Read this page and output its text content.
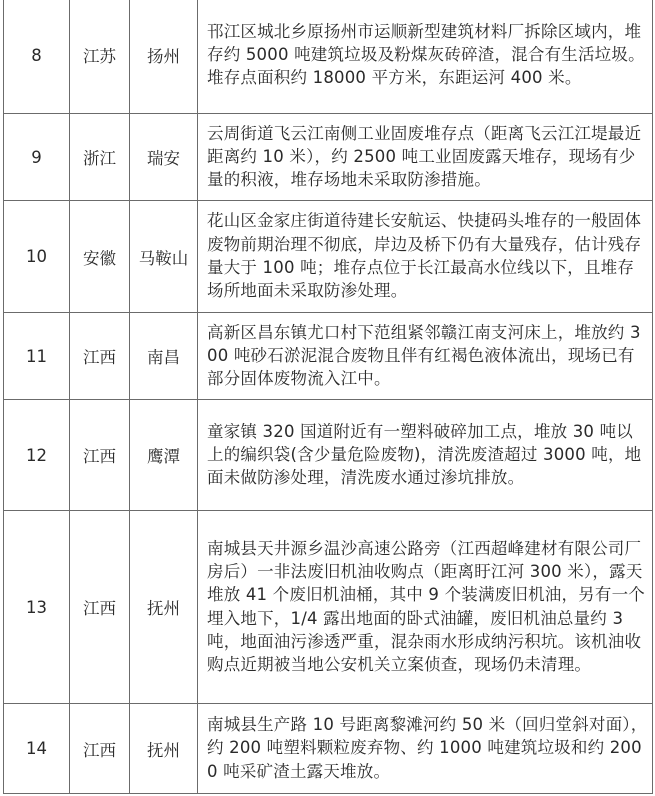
8	江苏	扬州	邗江区城北乡原扬州市运顺新型建筑材料厂拆除区域内，堆存约 5000 吨建筑垃圾及粉煤灰砖碎渣，混合有生活垃圾。堆存点面积约 18000 平方米，东距运河 400 米。

9	浙江	瑞安	云周街道飞云江南侧工业固废堆存点（距离飞云江江堤最近距离约 10 米），约 2500 吨工业固废露天堆存，现场有少量的积液，堆存场地未采取防渗措施。

10	安徽	马鞍山	花山区金家庄街道待建长安航运、快捷码头堆存的一般固体废物前期治理不彻底，岸边及桥下仍有大量残存，估计残存量大于 100 吨；堆存点位于长江最高水位线以下，且堆存场所地面未采取防渗处理。

11	江西	南昌	高新区昌东镇尤口村下范组紧邻赣江南支河床上，堆放约 300 吨砂石淤泥混合废物且伴有红褐色液体流出，现场已有部分固体废物流入江中。

12	江西	鹰潭	童家镇 320 国道附近有一塑料破碎加工点，堆放 30 吨以上的编织袋(含少量危险废物)，清洗废渣超过 3000 吨，地面未做防渗处理，清洗废水通过渗坑排放。

13	江西	抚州	南城县天井源乡温沙高速公路旁（江西超峰建材有限公司厂房后）一非法废旧机油收购点（距离盱江河 300 米），露天堆放 41 个废旧机油桶，其中 9 个装满废旧机油，另有一个埋入地下，1/4 露出地面的卧式油罐，废旧机油总量约 3 吨，地面油污渗透严重，混杂雨水形成纳污积坑。该机油收购点近期被当地公安机关立案侦查，现场仍未清理。

14	江西	抚州	南城县生产路 10 号距离黎滩河约 50 米（回归堂斜对面），约 200 吨塑料颗粒废弃物、约 1000 吨建筑垃圾和约 2000 吨采矿渣土露天堆放。
